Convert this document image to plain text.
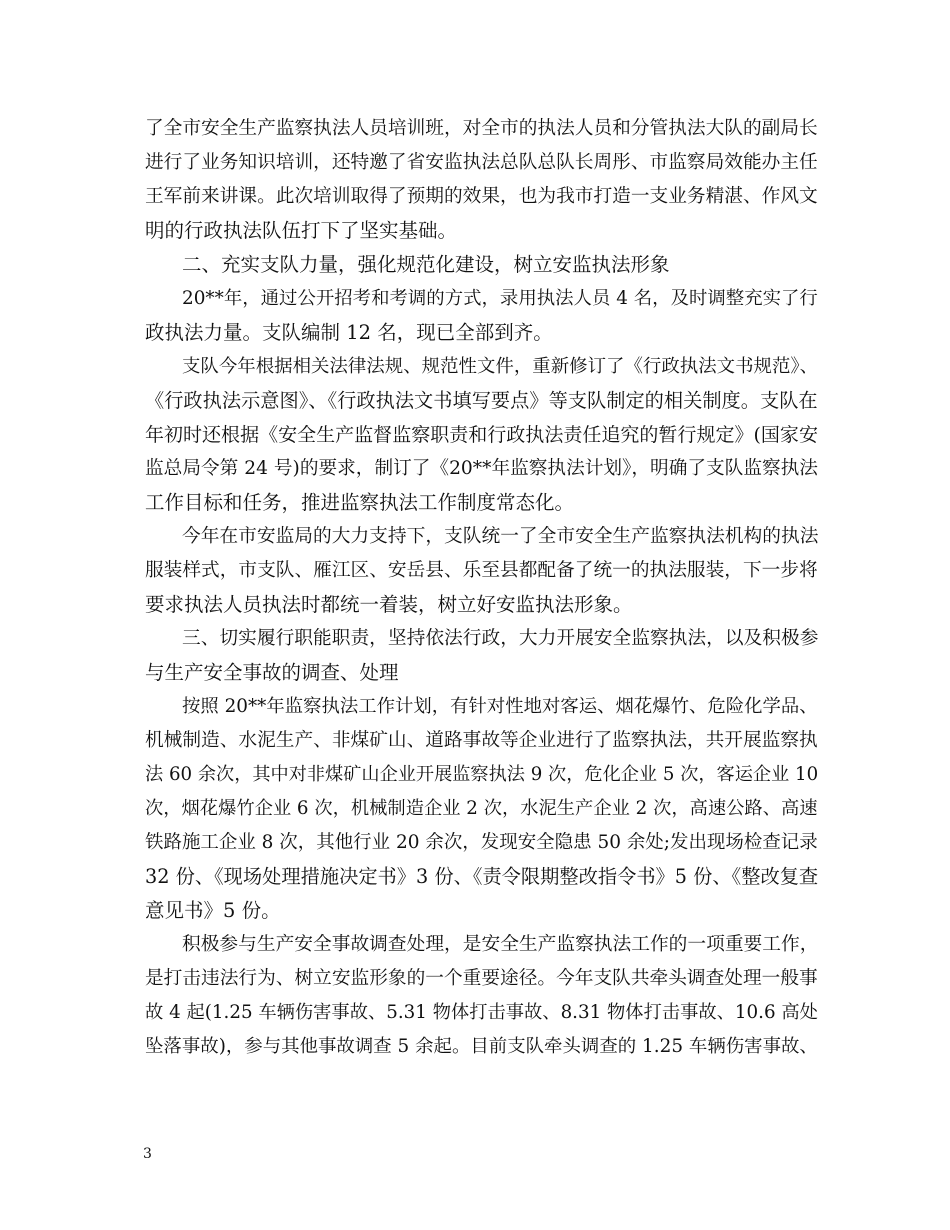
了全市安全生产监察执法人员培训班，对全市的执法人员和分管执法大队的副局长
进行了业务知识培训，还特邀了省安监执法总队总队长周彤、市监察局效能办主任
王军前来讲课。此次培训取得了预期的效果，也为我市打造一支业务精湛、作风文
明的行政执法队伍打下了坚实基础。
二、充实支队力量，强化规范化建设，树立安监执法形象
20**年，通过公开招考和考调的方式，录用执法人员 4 名，及时调整充实了行
政执法力量。支队编制 12 名，现已全部到齐。
支队今年根据相关法律法规、规范性文件，重新修订了《行政执法文书规范》、
《行政执法示意图》、《行政执法文书填写要点》等支队制定的相关制度。支队在
年初时还根据《安全生产监督监察职责和行政执法责任追究的暂行规定》(国家安
监总局令第 24 号)的要求，制订了《20**年监察执法计划》，明确了支队监察执法
工作目标和任务，推进监察执法工作制度常态化。
今年在市安监局的大力支持下，支队统一了全市安全生产监察执法机构的执法
服装样式，市支队、雁江区、安岳县、乐至县都配备了统一的执法服装，下一步将
要求执法人员执法时都统一着装，树立好安监执法形象。
三、切实履行职能职责，坚持依法行政，大力开展安全监察执法，以及积极参
与生产安全事故的调查、处理
按照 20**年监察执法工作计划，有针对性地对客运、烟花爆竹、危险化学品、
机械制造、水泥生产、非煤矿山、道路事故等企业进行了监察执法，共开展监察执
法 60 余次，其中对非煤矿山企业开展监察执法 9 次，危化企业 5 次，客运企业 10
次，烟花爆竹企业 6 次，机械制造企业 2 次，水泥生产企业 2 次，高速公路、高速
铁路施工企业 8 次，其他行业 20 余次，发现安全隐患 50 余处;发出现场检查记录
32 份、《现场处理措施决定书》3 份、《责令限期整改指令书》5 份、《整改复查
意见书》5 份。
积极参与生产安全事故调查处理，是安全生产监察执法工作的一项重要工作，
是打击违法行为、树立安监形象的一个重要途径。今年支队共牵头调查处理一般事
故 4 起(1.25 车辆伤害事故、5.31 物体打击事故、8.31 物体打击事故、10.6 高处
坠落事故)，参与其他事故调查 5 余起。目前支队牵头调查的 1.25 车辆伤害事故、
3
